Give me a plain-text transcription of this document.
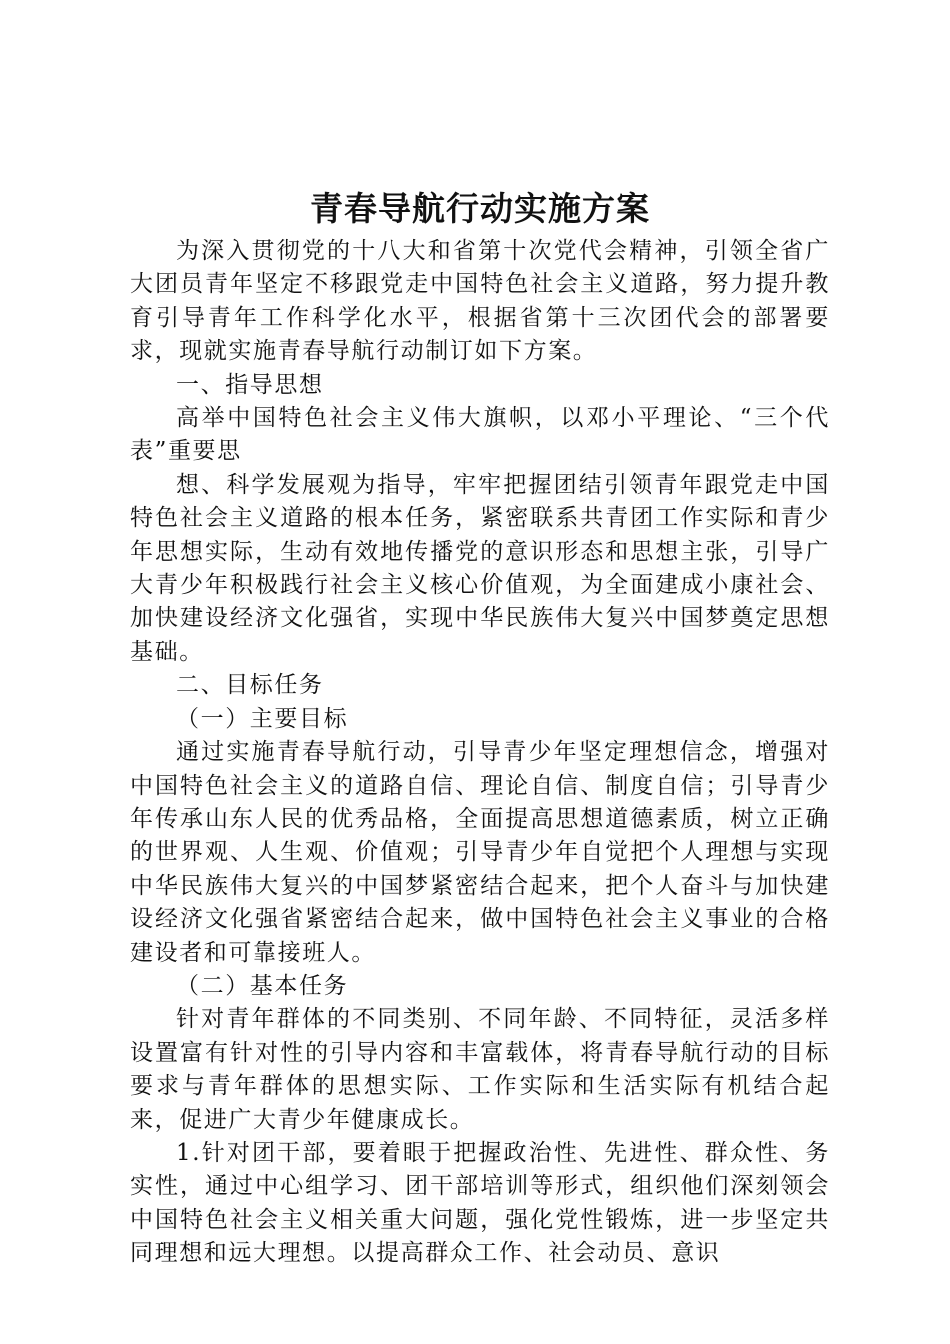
青春导航行动实施方案

为深入贯彻党的十八大和省第十次党代会精神，引领全省广大团员青年坚定不移跟党走中国特色社会主义道路，努力提升教育引导青年工作科学化水平，根据省第十三次团代会的部署要求，现就实施青春导航行动制订如下方案。

一、指导思想

高举中国特色社会主义伟大旗帜，以邓小平理论、“三个代表”重要思

想、科学发展观为指导，牢牢把握团结引领青年跟党走中国特色社会主义道路的根本任务，紧密联系共青团工作实际和青少年思想实际，生动有效地传播党的意识形态和思想主张，引导广大青少年积极践行社会主义核心价值观，为全面建成小康社会、加快建设经济文化强省，实现中华民族伟大复兴中国梦奠定思想基础。

二、目标任务

（一）主要目标

通过实施青春导航行动，引导青少年坚定理想信念，增强对中国特色社会主义的道路自信、理论自信、制度自信；引导青少年传承山东人民的优秀品格，全面提高思想道德素质，树立正确的世界观、人生观、价值观；引导青少年自觉把个人理想与实现中华民族伟大复兴的中国梦紧密结合起来，把个人奋斗与加快建设经济文化强省紧密结合起来，做中国特色社会主义事业的合格建设者和可靠接班人。

（二）基本任务

针对青年群体的不同类别、不同年龄、不同特征，灵活多样设置富有针对性的引导内容和丰富载体，将青春导航行动的目标要求与青年群体的思想实际、工作实际和生活实际有机结合起来，促进广大青少年健康成长。

1.针对团干部，要着眼于把握政治性、先进性、群众性、务实性，通过中心组学习、团干部培训等形式，组织他们深刻领会中国特色社会主义相关重大问题，强化党性锻炼，进一步坚定共同理想和远大理想。以提高群众工作、社会动员、意识
